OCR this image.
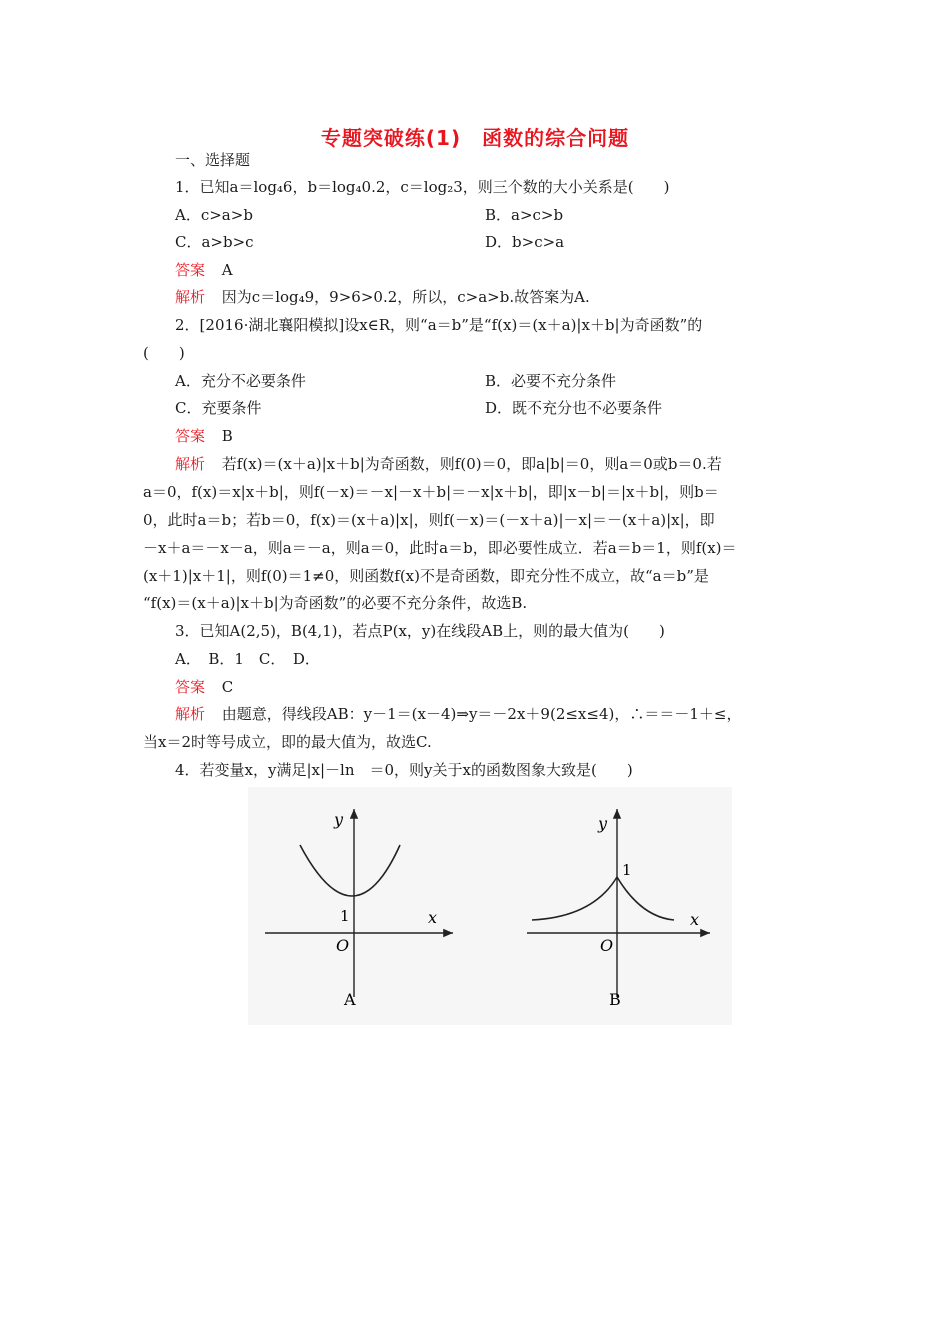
专题突破练(1)　函数的综合问题
一、选择题
1．已知a＝log₄6，b＝log₄0.2，c＝log₂3，则三个数的大小关系是(　　)
A．c>a>b	B．a>c>b
C．a>b>c	D．b>c>a
答案 A
解析 因为c＝log₄9，9>6>0.2，所以，c>a>b.故答案为A.
2．[2016·湖北襄阳模拟]设x∈R，则“a＝b”是“f(x)＝(x＋a)|x＋b|为奇函数”的
(　　)
A．充分不必要条件	B．必要不充分条件
C．充要条件	D．既不充分也不必要条件
答案 B
解析 若f(x)＝(x＋a)|x＋b|为奇函数，则f(0)＝0，即a|b|＝0，则a＝0或b＝0.若
a＝0，f(x)＝x|x＋b|，则f(－x)＝－x|－x＋b|＝－x|x＋b|，即|x－b|＝|x＋b|，则b＝
0，此时a＝b；若b＝0，f(x)＝(x＋a)|x|，则f(－x)＝(－x＋a)|－x|＝－(x＋a)|x|，即
－x＋a＝－x－a，则a＝－a，则a＝0，此时a＝b，即必要性成立．若a＝b＝1，则f(x)＝
(x＋1)|x＋1|，则f(0)＝1≠0，则函数f(x)不是奇函数，即充分性不成立，故“a＝b”是
“f(x)＝(x＋a)|x＋b|为奇函数”的必要不充分条件，故选B.
3．已知A(2,5)，B(4,1)，若点P(x，y)在线段AB上，则的最大值为(　　)
A．　B．1　C．　D．
答案 C
解析 由题意，得线段AB：y－1＝(x－4)⇒y＝－2x＋9(2≤x≤4)，∴＝＝－1＋≤，
当x＝2时等号成立，即的最大值为，故选C.
4．若变量x，y满足|x|－ln　＝0，则y关于x的函数图象大致是(　　)
y
x
O
1
A
y
x
O
1
B
